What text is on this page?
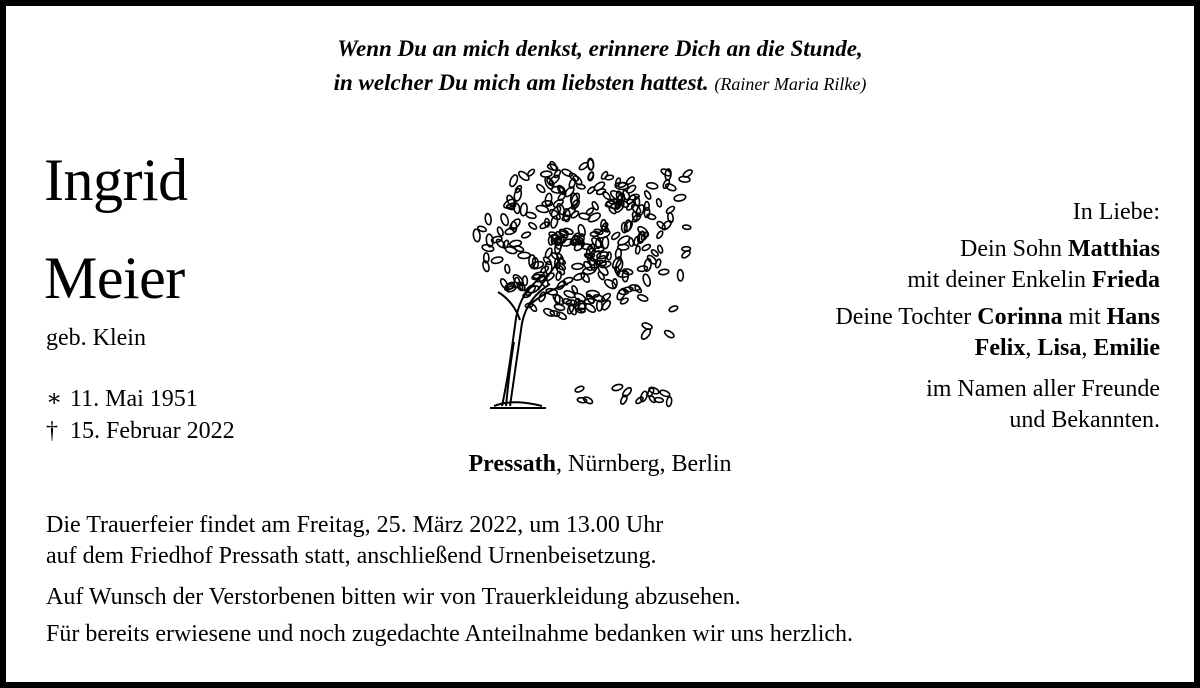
Wenn Du an mich denkst, erinnere Dich an die Stunde,
in welcher Du mich am liebsten hattest. (Rainer Maria Rilke)
Ingrid
Meier
geb. Klein
∗ 11. Mai 1951
† 15. Februar 2022
In Liebe:
Dein Sohn Matthias
mit deiner Enkelin Frieda
Deine Tochter Corinna mit Hans
Felix, Lisa, Emilie
im Namen aller Freunde
und Bekannten.
Pressath, Nürnberg, Berlin
Die Trauerfeier findet am Freitag, 25. März 2022, um 13.00 Uhr
auf dem Friedhof Pressath statt, anschließend Urnenbeisetzung.
Auf Wunsch der Verstorbenen bitten wir von Trauerkleidung abzusehen.
Für bereits erwiesene und noch zugedachte Anteilnahme bedanken wir uns herzlich.
